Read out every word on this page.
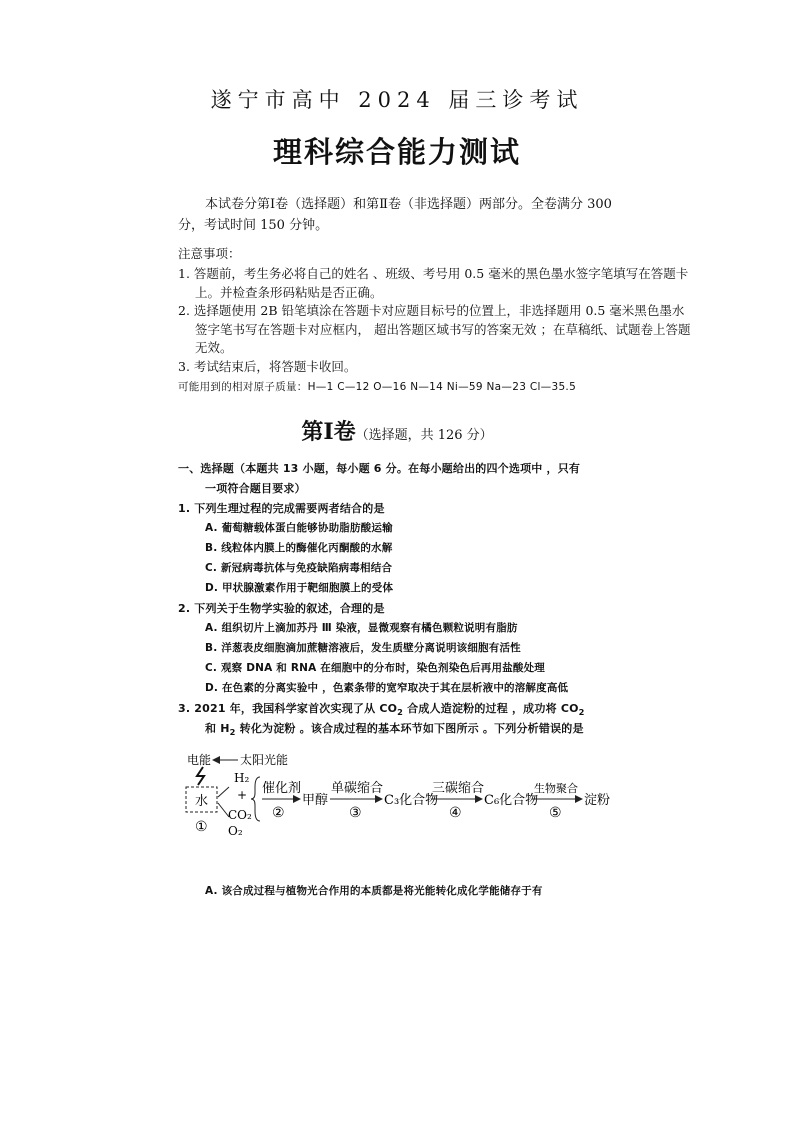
遂宁市高中 2024 届三诊考试
理科综合能力测试
本试卷分第Ⅰ卷（选择题）和第Ⅱ卷（非选择题）两部分。全卷满分 300
分，考试时间 150 分钟。
注意事项：
1. 答题前，考生务必将自己的姓名 、班级、考号用 0.5 毫米的黑色墨水签字笔填写在答题卡
上。并检查条形码粘贴是否正确。
2. 选择题使用 2B 铅笔填涂在答题卡对应题目标号的位置上，非选择题用 0.5 毫米黑色墨水
签字笔书写在答题卡对应框内， 超出答题区域书写的答案无效 ；在草稿纸、试题卷上答题
无效。
3. 考试结束后，将答题卡收回。
可能用到的相对原子质量：H—1 C—12 O—16 N—14 Ni—59 Na—23 Cl—35.5
第Ⅰ卷（选择题，共 126 分）
一、选择题（本题共 13 小题，每小题 6 分。在每小题给出的四个选项中 ，只有
一项符合题目要求）
1. 下列生理过程的完成需要两者结合的是
A. 葡萄糖载体蛋白能够协助脂肪酸运输
B. 线粒体内膜上的酶催化丙酮酸的水解
C. 新冠病毒抗体与免疫缺陷病毒相结合
D. 甲状腺激素作用于靶细胞膜上的受体
2. 下列关于生物学实验的叙述，合理的是
A. 组织切片上滴加苏丹 Ⅲ 染液，显微观察有橘色颗粒说明有脂肪
B. 洋葱表皮细胞滴加蔗糖溶液后，发生质壁分离说明该细胞有活性
C. 观察 DNA 和 RNA 在细胞中的分布时，染色剂染色后再用盐酸处理
D. 在色素的分离实验中 ，色素条带的宽窄取决于其在层析液中的溶解度高低
3. 2021 年，我国科学家首次实现了从 $CO_2$ 合成人造淀粉的过程 ，成功将 $CO_2$
和 $H_2$ 转化为淀粉 。该合成过程的基本环节如下图所示 。下列分析错误的是
电能 太阳光能
水
①
H₂
+
CO₂
O₂
催化剂
②
甲醇
单碳缩合
③
C₃化合物
三碳缩合
④
C₆化合物
生物聚合
⑤
淀粉
A. 该合成过程与植物光合作用的本质都是将光能转化成化学能储存于有
